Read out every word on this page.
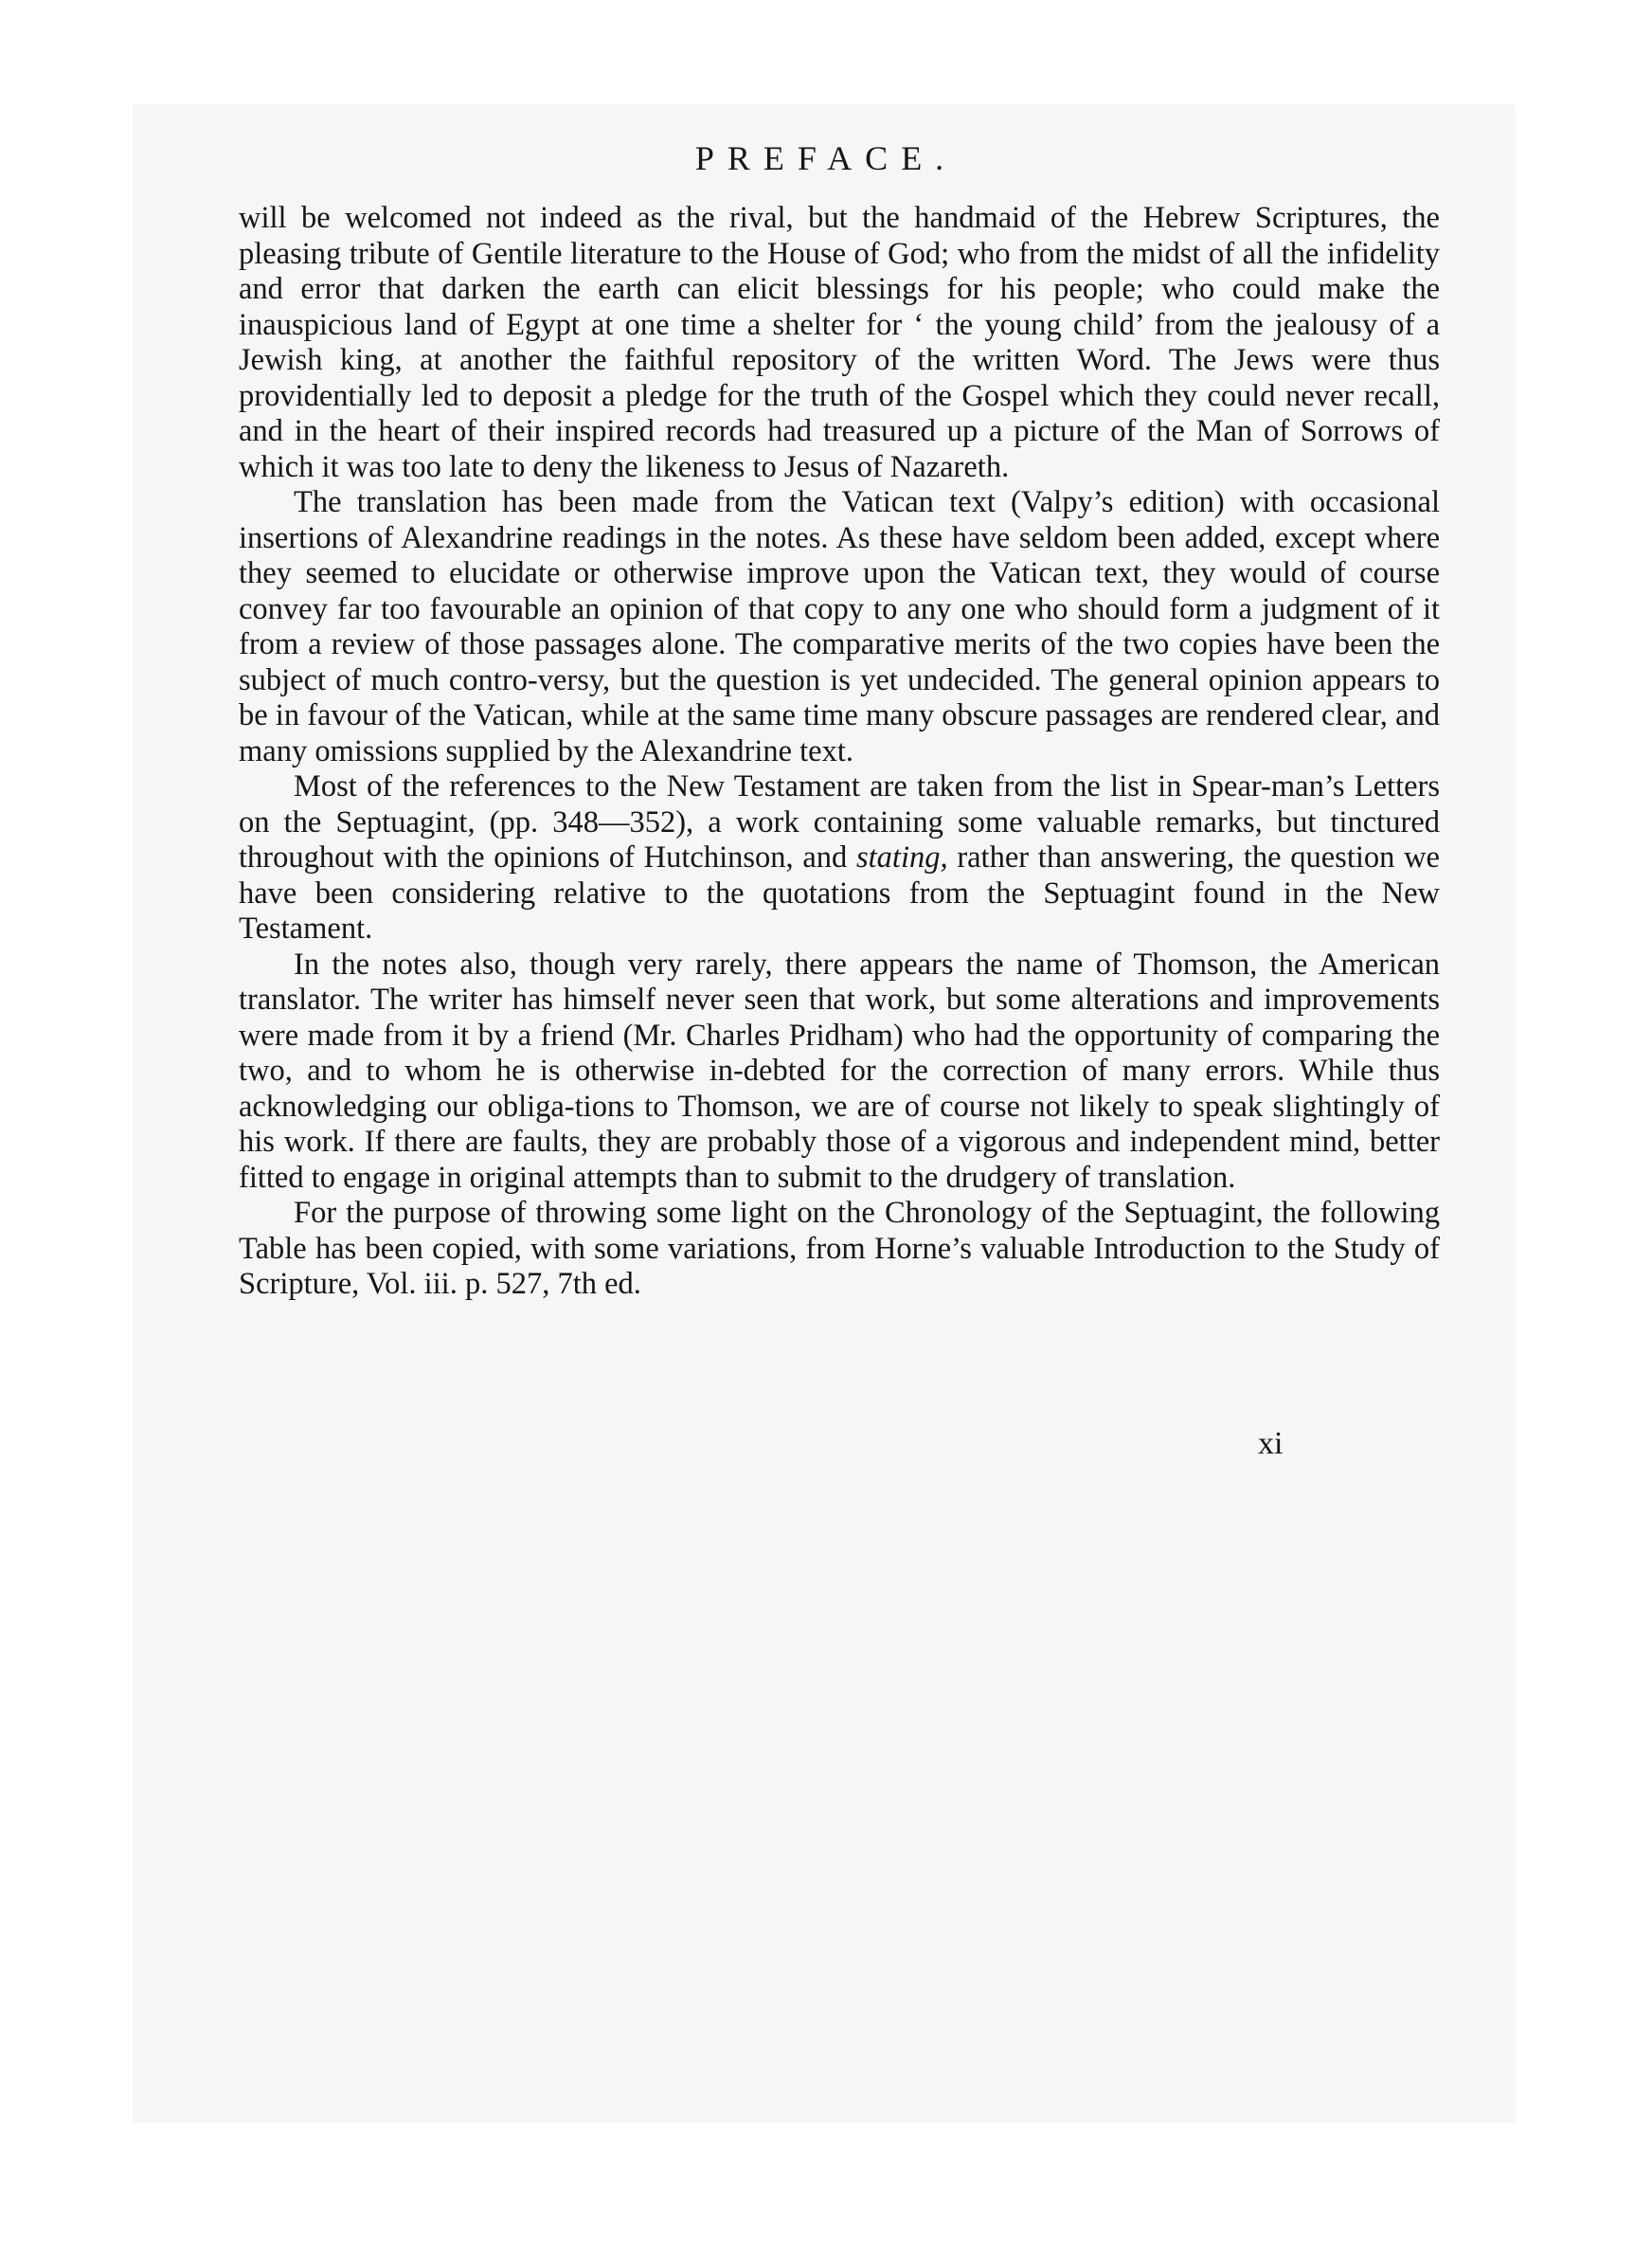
PREFACE.

will be welcomed not indeed as the rival, but the handmaid of the Hebrew Scriptures, the pleasing tribute of Gentile literature to the House of God; who from the midst of all the infidelity and error that darken the earth can elicit blessings for his people; who could make the inauspicious land of Egypt at one time a shelter for ‘ the young child’ from the jealousy of a Jewish king, at another the faithful repository of the written Word. The Jews were thus providentially led to deposit a pledge for the truth of the Gospel which they could never recall, and in the heart of their inspired records had treasured up a picture of the Man of Sorrows of which it was too late to deny the likeness to Jesus of Nazareth.

The translation has been made from the Vatican text (Valpy’s edition) with occasional insertions of Alexandrine readings in the notes. As these have seldom been added, except where they seemed to elucidate or otherwise improve upon the Vatican text, they would of course convey far too favourable an opinion of that copy to any one who should form a judgment of it from a review of those passages alone. The comparative merits of the two copies have been the subject of much contro-versy, but the question is yet undecided. The general opinion appears to be in favour of the Vatican, while at the same time many obscure passages are rendered clear, and many omissions supplied by the Alexandrine text.

Most of the references to the New Testament are taken from the list in Spear-man’s Letters on the Septuagint, (pp. 348—352), a work containing some valuable remarks, but tinctured throughout with the opinions of Hutchinson, and stating, rather than answering, the question we have been considering relative to the quotations from the Septuagint found in the New Testament.

In the notes also, though very rarely, there appears the name of Thomson, the American translator. The writer has himself never seen that work, but some alterations and improvements were made from it by a friend (Mr. Charles Pridham) who had the opportunity of comparing the two, and to whom he is otherwise in-debted for the correction of many errors. While thus acknowledging our obliga-tions to Thomson, we are of course not likely to speak slightingly of his work. If there are faults, they are probably those of a vigorous and independent mind, better fitted to engage in original attempts than to submit to the drudgery of translation.

For the purpose of throwing some light on the Chronology of the Septuagint, the following Table has been copied, with some variations, from Horne’s valuable Introduction to the Study of Scripture, Vol. iii. p. 527, 7th ed.

xi
